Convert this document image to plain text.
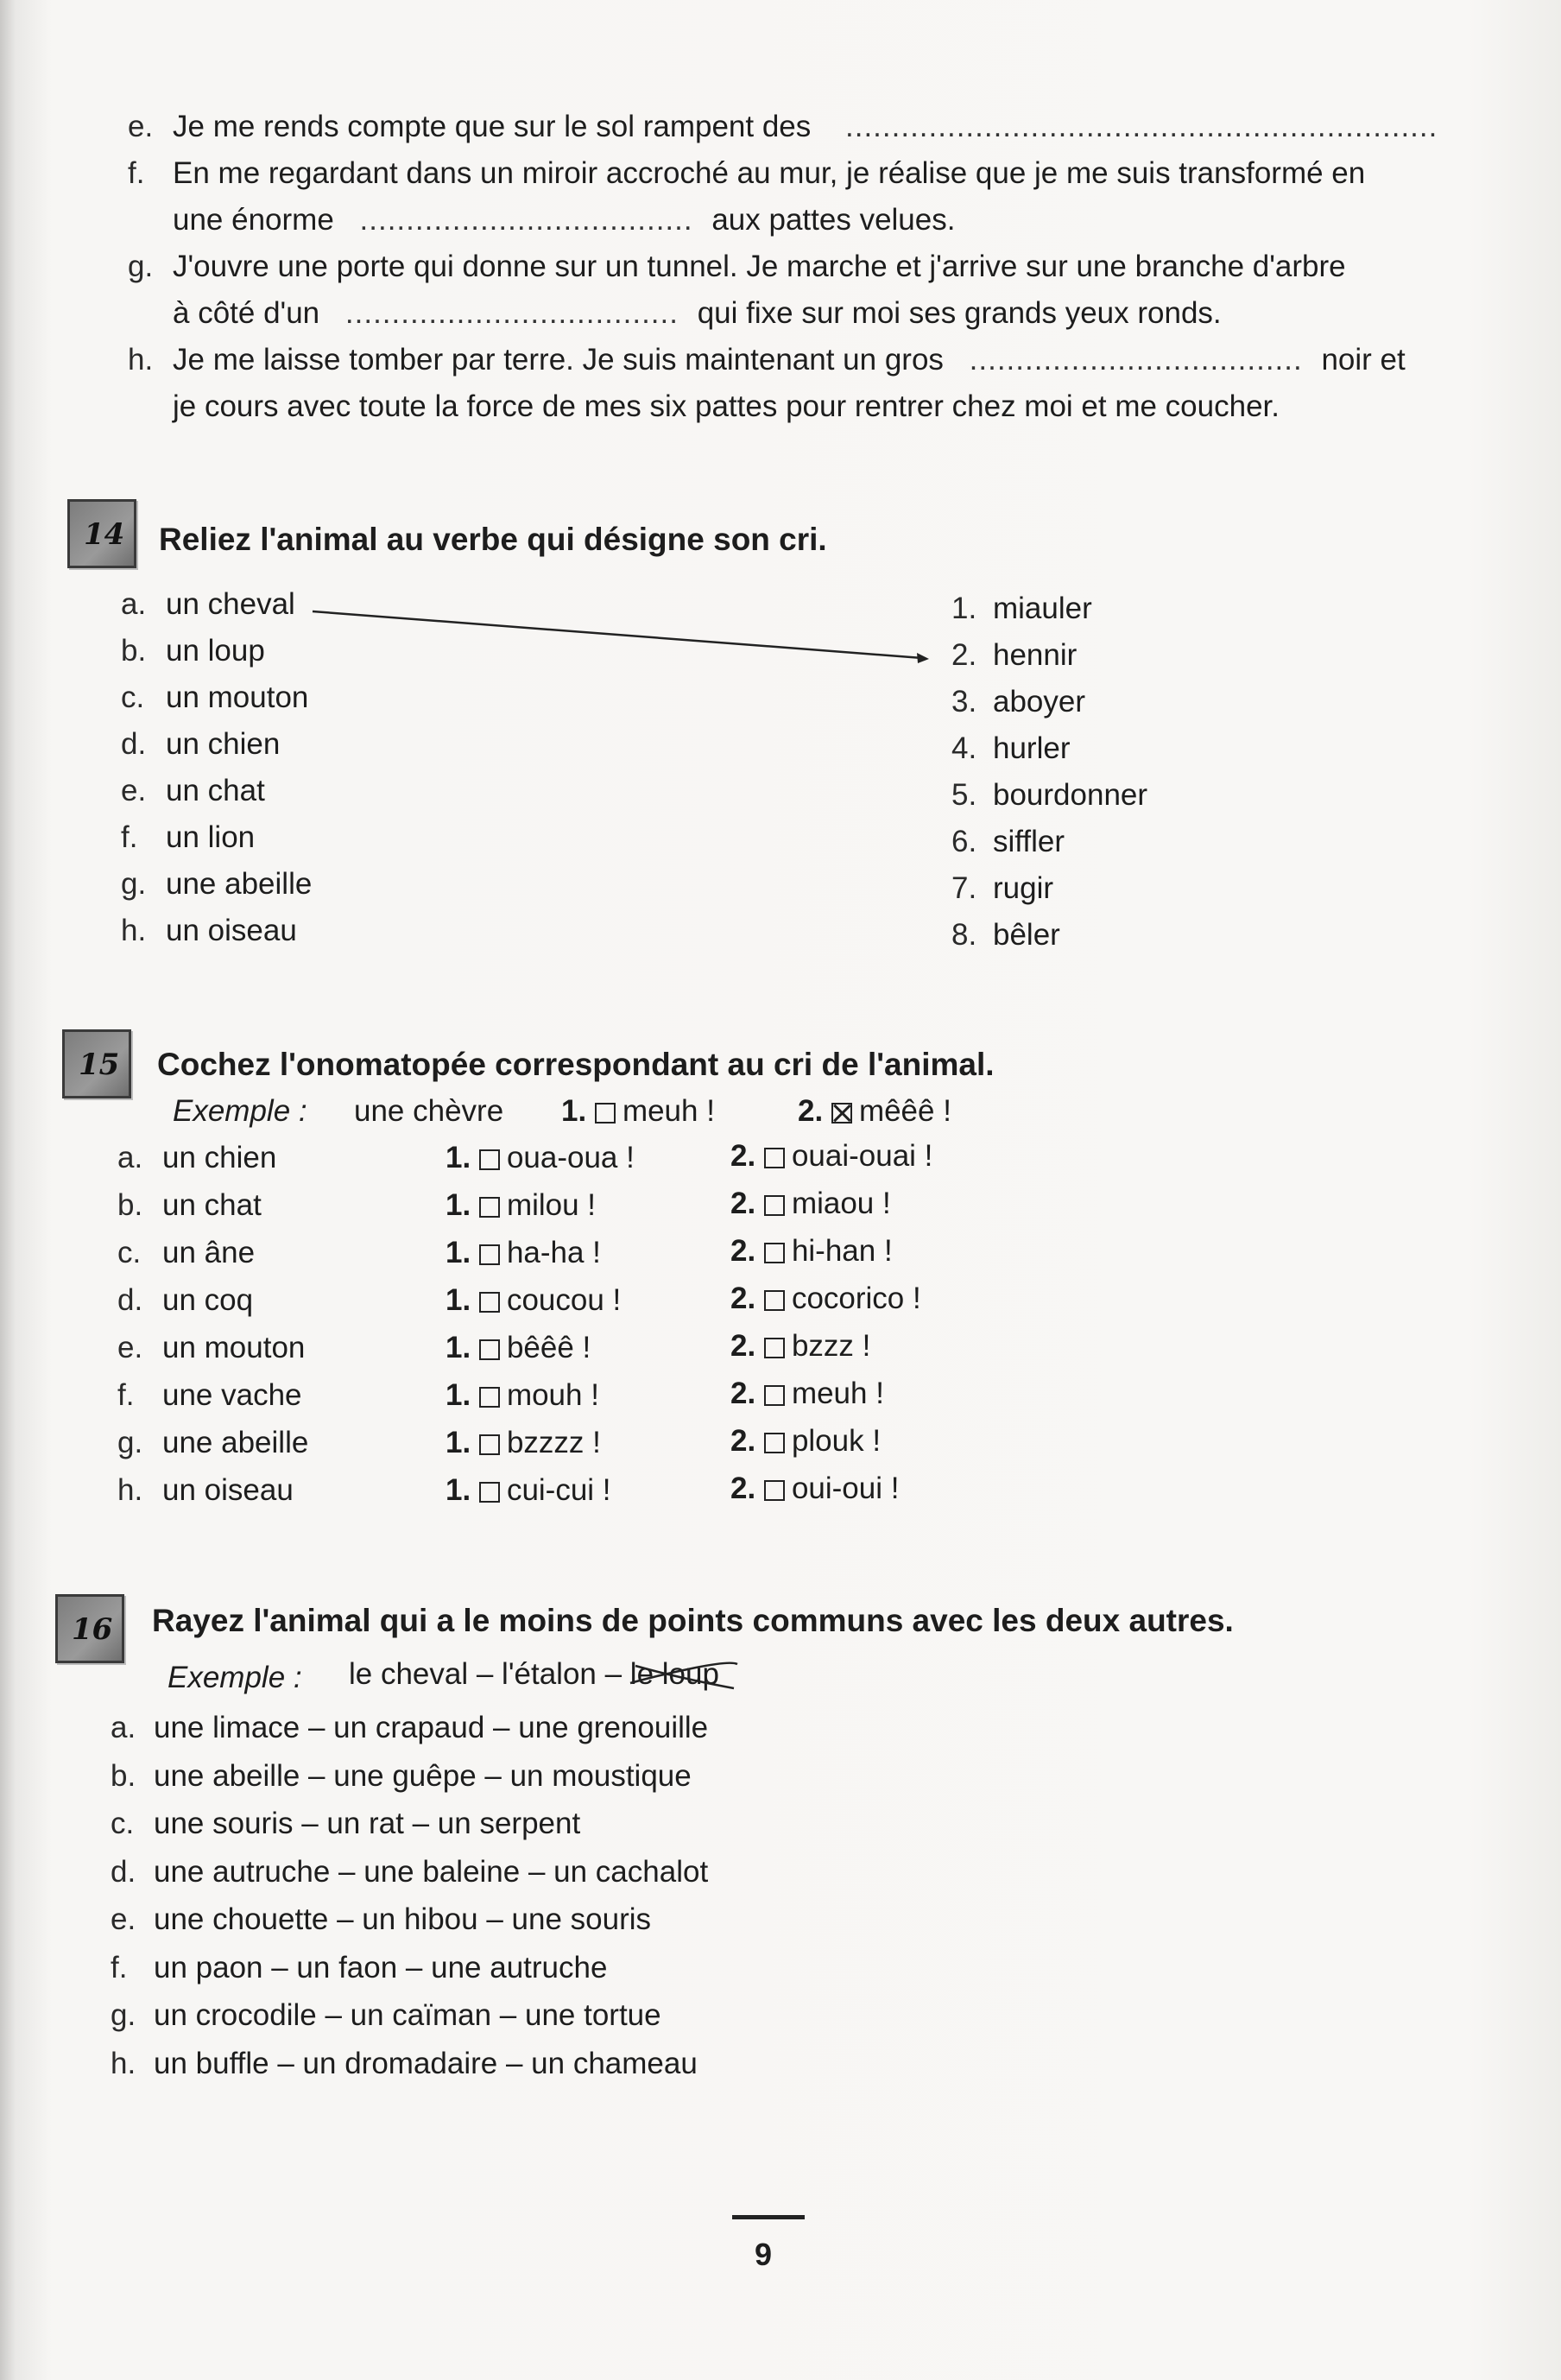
e. Je me rends compte que sur le sol rampent des ................................................................
f. En me regardant dans un miroir accroché au mur, je réalise que je me suis transformé en
une énorme .................................... aux pattes velues.
g. J'ouvre une porte qui donne sur un tunnel. Je marche et j'arrive sur une branche d'arbre
à côté d'un .................................... qui fixe sur moi ses grands yeux ronds.
h. Je me laisse tomber par terre. Je suis maintenant un gros .................................... noir et
je cours avec toute la force de mes six pattes pour rentrer chez moi et me coucher.
14 Reliez l'animal au verbe qui désigne son cri.
a. un cheval
b. un loup
c. un mouton
d. un chien
e. un chat
f. un lion
g. une abeille
h. un oiseau
1. miauler
2. hennir
3. aboyer
4. hurler
5. bourdonner
6. siffler
7. rugir
8. bêler
15 Cochez l'onomatopée correspondant au cri de l'animal.
Exemple : une chèvre 1. meuh !	2. mêêê !
a. un chien	1. oua-oua !	2. ouai-ouai !
b. un chat	1. milou !	2. miaou !
c. un âne	1. ha-ha !	2. hi-han !
d. un coq	1. coucou !	2. cocorico !
e. un mouton	1. bêêê !	2. bzzz !
f. une vache	1. mouh !	2. meuh !
g. une abeille	1. bzzzz !	2. plouk !
h. un oiseau	1. cui-cui !	2. oui-oui !
16 Rayez l'animal qui a le moins de points communs avec les deux autres.
Exemple : le cheval – l'étalon – le loup
a. une limace – un crapaud – une grenouille
b. une abeille – une guêpe – un moustique
c. une souris – un rat – un serpent
d. une autruche – une baleine – un cachalot
e. une chouette – un hibou – une souris
f. un paon – un faon – une autruche
g. un crocodile – un caïman – une tortue
h. un buffle – un dromadaire – un chameau
9
